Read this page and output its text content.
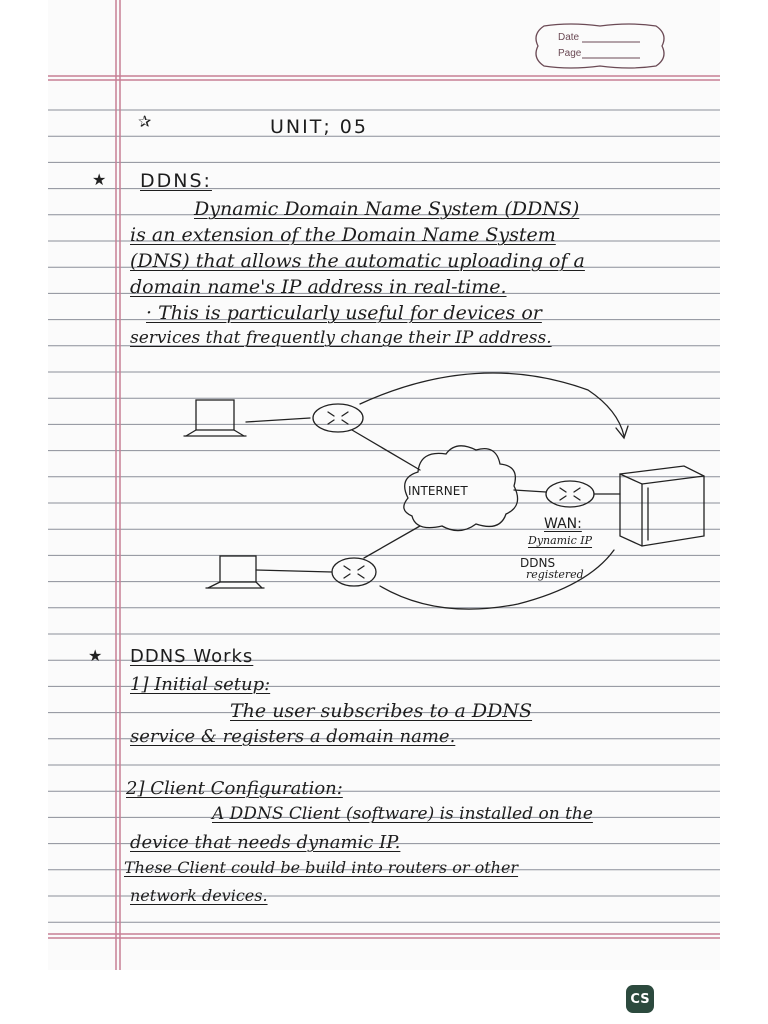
Date
Page
✰	UNIT; 05
★ DDNS:
Dynamic Domain Name System (DDNS)
is an extension of the Domain Name System
(DNS) that allows the automatic uploading of a
domain name's IP address in real-time.
· This is particularly useful for devices or
services that frequently change their IP address.
INTERNET
WAN:
Dynamic IP
DDNS
registered
★ DDNS Works
1] Initial setup:
The user subscribes to a DDNS
service & registers a domain name.
2] Client Configuration:
A DDNS Client (software) is installed on the
device that needs dynamic IP.
These Client could be build into routers or other
network devices.
CS
